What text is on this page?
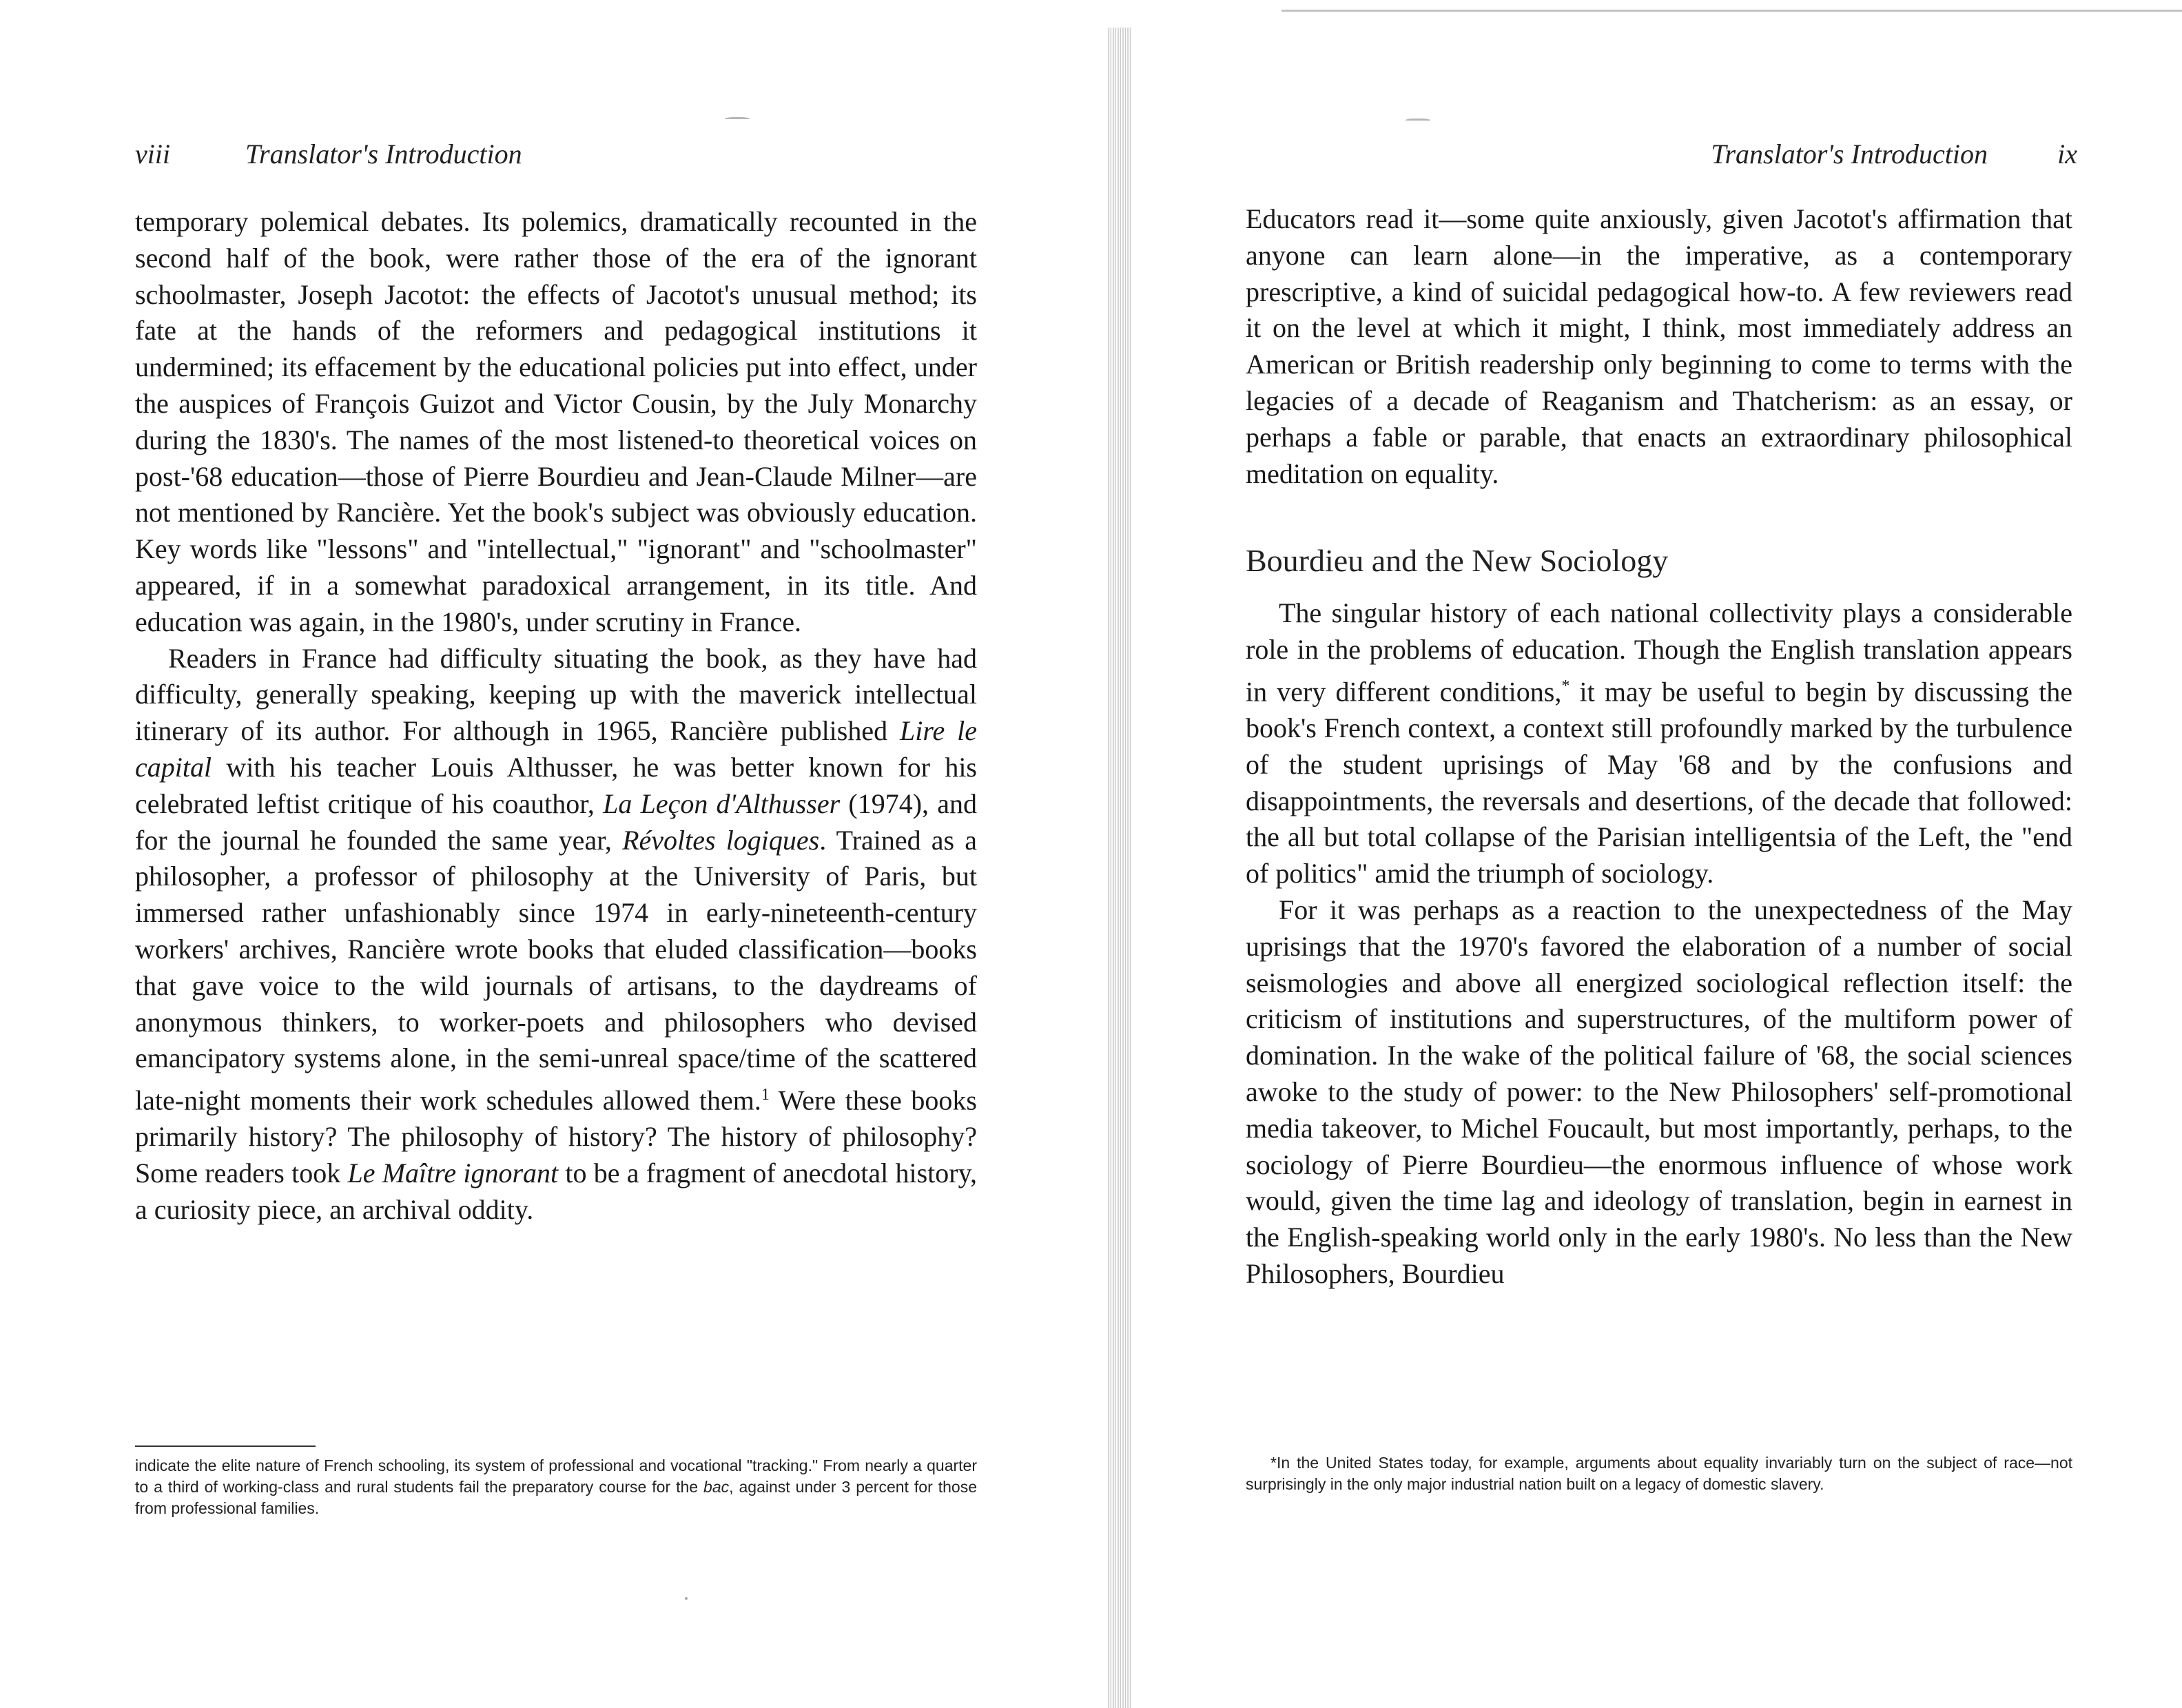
viii	Translator's Introduction

temporary polemical debates. Its polemics, dramatically recounted in the second half of the book, were rather those of the era of the ignorant schoolmaster, Joseph Jacotot: the effects of Jacotot's unusual method; its fate at the hands of the reformers and pedagogical institutions it undermined; its effacement by the educational policies put into effect, under the auspices of François Guizot and Victor Cousin, by the July Monarchy during the 1830's. The names of the most listened-to theoretical voices on post-'68 education—those of Pierre Bourdieu and Jean-Claude Milner—are not mentioned by Rancière. Yet the book's subject was obviously education. Key words like "lessons" and "intellectual," "ignorant" and "schoolmaster" appeared, if in a somewhat paradoxical arrangement, in its title. And education was again, in the 1980's, under scrutiny in France.

Readers in France had difficulty situating the book, as they have had difficulty, generally speaking, keeping up with the maverick intellectual itinerary of its author. For although in 1965, Rancière published Lire le capital with his teacher Louis Althusser, he was better known for his celebrated leftist critique of his coauthor, La Leçon d'Althusser (1974), and for the journal he founded the same year, Révoltes logiques. Trained as a philosopher, a professor of philosophy at the University of Paris, but immersed rather unfashionably since 1974 in early-nineteenth-century workers' archives, Rancière wrote books that eluded classification—books that gave voice to the wild journals of artisans, to the daydreams of anonymous thinkers, to worker-poets and philosophers who devised emancipatory systems alone, in the semi-unreal space/time of the scattered late-night moments their work schedules allowed them.$^1$ Were these books primarily history? The philosophy of history? The history of philosophy? Some readers took Le Maître ignorant to be a fragment of anecdotal history, a curiosity piece, an archival oddity.

indicate the elite nature of French schooling, its system of professional and vocational "tracking." From nearly a quarter to a third of working-class and rural students fail the preparatory course for the bac, against under 3 percent for those from professional families.
Translator's Introduction	ix

Educators read it—some quite anxiously, given Jacotot's affirmation that anyone can learn alone—in the imperative, as a contemporary prescriptive, a kind of suicidal pedagogical how-to. A few reviewers read it on the level at which it might, I think, most immediately address an American or British readership only beginning to come to terms with the legacies of a decade of Reaganism and Thatcherism: as an essay, or perhaps a fable or parable, that enacts an extraordinary philosophical meditation on equality.

Bourdieu and the New Sociology

The singular history of each national collectivity plays a considerable role in the problems of education. Though the English translation appears in very different conditions,* it may be useful to begin by discussing the book's French context, a context still profoundly marked by the turbulence of the student uprisings of May '68 and by the confusions and disappointments, the reversals and desertions, of the decade that followed: the all but total collapse of the Parisian intelligentsia of the Left, the "end of politics" amid the triumph of sociology.

For it was perhaps as a reaction to the unexpectedness of the May uprisings that the 1970's favored the elaboration of a number of social seismologies and above all energized sociological reflection itself: the criticism of institutions and superstructures, of the multiform power of domination. In the wake of the political failure of '68, the social sciences awoke to the study of power: to the New Philosophers' self-promotional media takeover, to Michel Foucault, but most importantly, perhaps, to the sociology of Pierre Bourdieu—the enormous influence of whose work would, given the time lag and ideology of translation, begin in earnest in the English-speaking world only in the early 1980's. No less than the New Philosophers, Bourdieu

*In the United States today, for example, arguments about equality invariably turn on the subject of race—not surprisingly in the only major industrial nation built on a legacy of domestic slavery.
